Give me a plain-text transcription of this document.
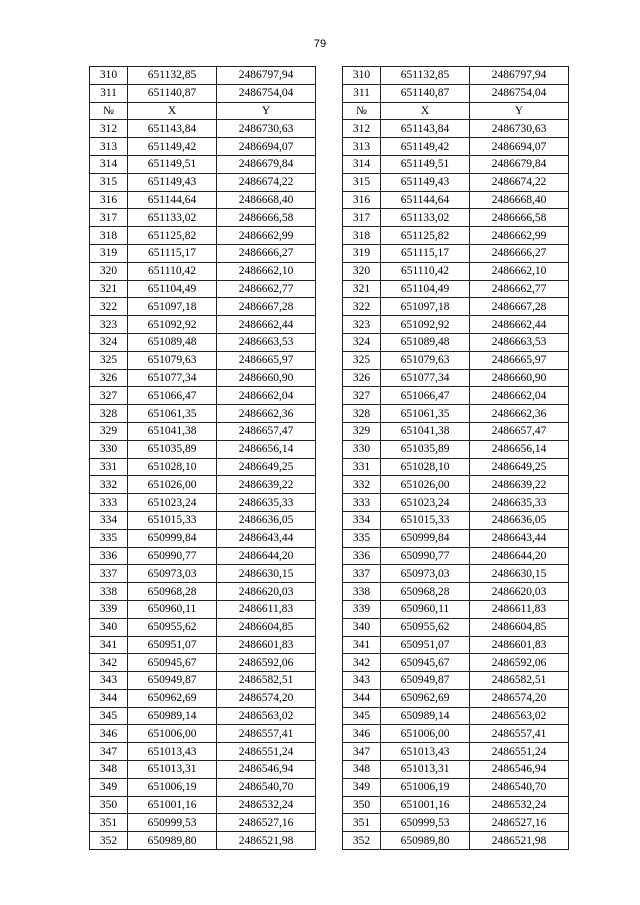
79
310	651132,85	2486797,94		310	651132,85	2486797,94
311	651140,87	2486754,04		311	651140,87	2486754,04
№	X	Y		№	X	Y
312	651143,84	2486730,63		312	651143,84	2486730,63
313	651149,42	2486694,07		313	651149,42	2486694,07
314	651149,51	2486679,84		314	651149,51	2486679,84
315	651149,43	2486674,22		315	651149,43	2486674,22
316	651144,64	2486668,40		316	651144,64	2486668,40
317	651133,02	2486666,58		317	651133,02	2486666,58
318	651125,82	2486662,99		318	651125,82	2486662,99
319	651115,17	2486666,27		319	651115,17	2486666,27
320	651110,42	2486662,10		320	651110,42	2486662,10
321	651104,49	2486662,77		321	651104,49	2486662,77
322	651097,18	2486667,28		322	651097,18	2486667,28
323	651092,92	2486662,44		323	651092,92	2486662,44
324	651089,48	2486663,53		324	651089,48	2486663,53
325	651079,63	2486665,97		325	651079,63	2486665,97
326	651077,34	2486660,90		326	651077,34	2486660,90
327	651066,47	2486662,04		327	651066,47	2486662,04
328	651061,35	2486662,36		328	651061,35	2486662,36
329	651041,38	2486657,47		329	651041,38	2486657,47
330	651035,89	2486656,14		330	651035,89	2486656,14
331	651028,10	2486649,25		331	651028,10	2486649,25
332	651026,00	2486639,22		332	651026,00	2486639,22
333	651023,24	2486635,33		333	651023,24	2486635,33
334	651015,33	2486636,05		334	651015,33	2486636,05
335	650999,84	2486643,44		335	650999,84	2486643,44
336	650990,77	2486644,20		336	650990,77	2486644,20
337	650973,03	2486630,15		337	650973,03	2486630,15
338	650968,28	2486620,03		338	650968,28	2486620,03
339	650960,11	2486611,83		339	650960,11	2486611,83
340	650955,62	2486604,85		340	650955,62	2486604,85
341	650951,07	2486601,83		341	650951,07	2486601,83
342	650945,67	2486592,06		342	650945,67	2486592,06
343	650949,87	2486582,51		343	650949,87	2486582,51
344	650962,69	2486574,20		344	650962,69	2486574,20
345	650989,14	2486563,02		345	650989,14	2486563,02
346	651006,00	2486557,41		346	651006,00	2486557,41
347	651013,43	2486551,24		347	651013,43	2486551,24
348	651013,31	2486546,94		348	651013,31	2486546,94
349	651006,19	2486540,70		349	651006,19	2486540,70
350	651001,16	2486532,24		350	651001,16	2486532,24
351	650999,53	2486527,16		351	650999,53	2486527,16
352	650989,80	2486521,98		352	650989,80	2486521,98
